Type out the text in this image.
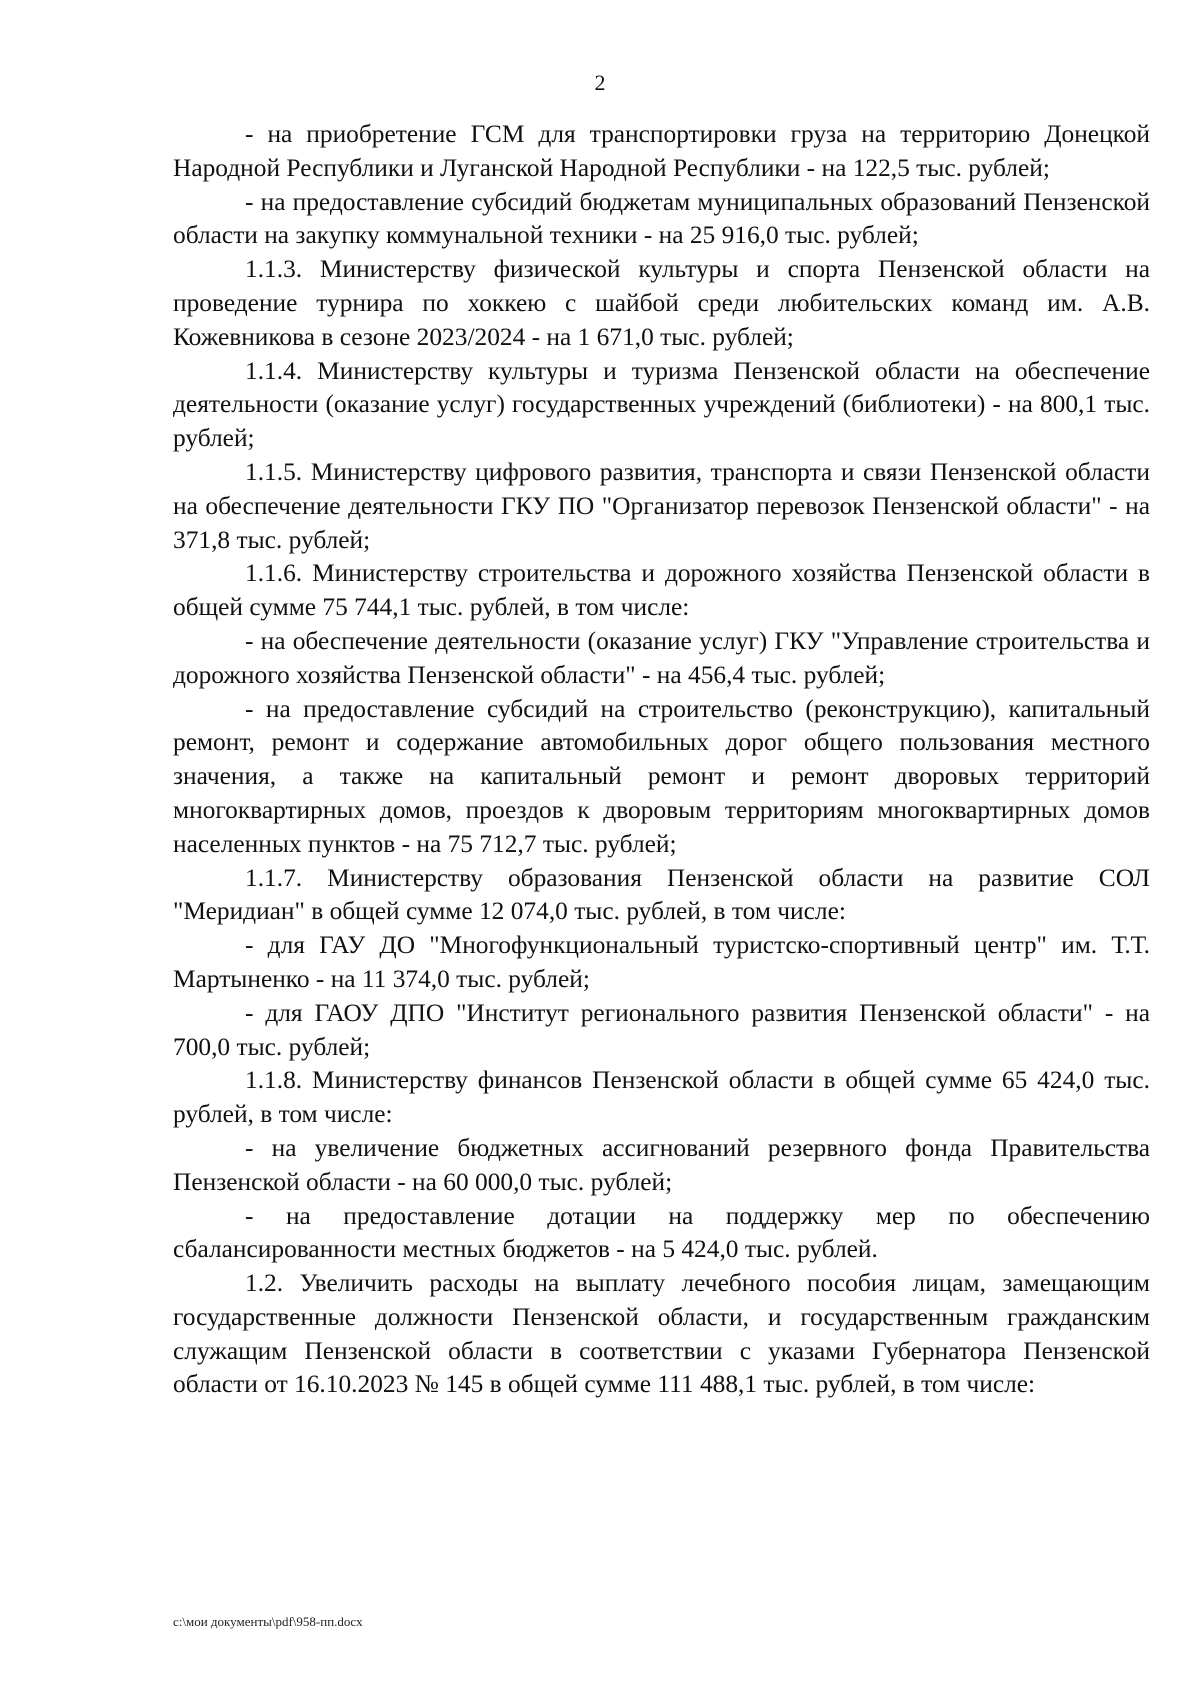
2

- на приобретение ГСМ для транспортировки груза на территорию Донецкой Народной Республики и Луганской Народной Республики - на 122,5 тыс. рублей;

- на предоставление субсидий бюджетам муниципальных образований Пензенской области на закупку коммунальной техники - на 25 916,0 тыс. рублей;

1.1.3. Министерству физической культуры и спорта Пензенской области на проведение турнира по хоккею с шайбой среди любительских команд им. А.В. Кожевникова в сезоне 2023/2024 - на 1 671,0 тыс. рублей;

1.1.4. Министерству культуры и туризма Пензенской области на обеспечение деятельности (оказание услуг) государственных учреждений (библиотеки) - на 800,1 тыс. рублей;

1.1.5. Министерству цифрового развития, транспорта и связи Пензенской области на обеспечение деятельности ГКУ ПО "Организатор перевозок Пензенской области" - на 371,8 тыс. рублей;

1.1.6. Министерству строительства и дорожного хозяйства Пензенской области в общей сумме 75 744,1 тыс. рублей, в том числе:

- на обеспечение деятельности (оказание услуг) ГКУ "Управление строительства и дорожного хозяйства Пензенской области" - на 456,4 тыс. рублей;

- на предоставление субсидий на строительство (реконструкцию), капитальный ремонт, ремонт и содержание автомобильных дорог общего пользования местного значения, а также на капитальный ремонт и ремонт дворовых территорий многоквартирных домов, проездов к дворовым территориям многоквартирных домов населенных пунктов - на 75 712,7 тыс. рублей;

1.1.7. Министерству образования Пензенской области на развитие СОЛ "Меридиан" в общей сумме 12 074,0 тыс. рублей, в том числе:

- для ГАУ ДО "Многофункциональный туристско-спортивный центр" им. Т.Т. Мартыненко - на 11 374,0 тыс. рублей;

- для ГАОУ ДПО "Институт регионального развития Пензенской области" - на 700,0 тыс. рублей;

1.1.8. Министерству финансов Пензенской области в общей сумме 65 424,0 тыс. рублей, в том числе:

- на увеличение бюджетных ассигнований резервного фонда Правительства Пензенской области - на 60 000,0 тыс. рублей;

- на предоставление дотации на поддержку мер по обеспечению сбалансированности местных бюджетов - на 5 424,0 тыс. рублей.

1.2. Увеличить расходы на выплату лечебного пособия лицам, замещающим государственные должности Пензенской области, и государственным гражданским служащим Пензенской области в соответствии с указами Губернатора Пензенской области от 16.10.2023 № 145 в общей сумме 111 488,1 тыс. рублей, в том числе:

c:\мои документы\pdf\958-пп.docx
